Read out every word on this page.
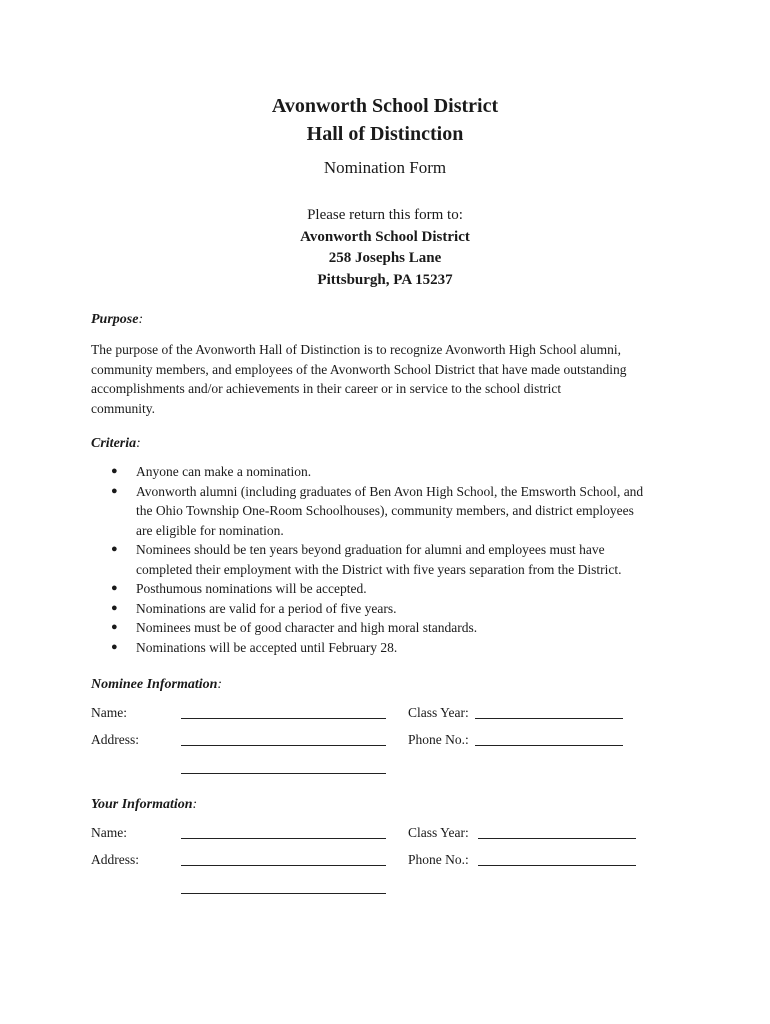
Avonworth School District
Hall of Distinction
Nomination Form
Please return this form to:
Avonworth School District
258 Josephs Lane
Pittsburgh, PA 15237
Purpose:
The purpose of the Avonworth Hall of Distinction is to recognize Avonworth High School alumni,
community members, and employees of the Avonworth School District that have made outstanding
accomplishments and/or achievements in their career or in service to the school district
community.
Criteria:
● Anyone can make a nomination.
● Avonworth alumni (including graduates of Ben Avon High School, the Emsworth School, and
the Ohio Township One-Room Schoolhouses), community members, and district employees
are eligible for nomination.
● Nominees should be ten years beyond graduation for alumni and employees must have
completed their employment with the District with five years separation from the District.
● Posthumous nominations will be accepted.
● Nominations are valid for a period of five years.
● Nominees must be of good character and high moral standards.
● Nominations will be accepted until February 28.
Nominee Information:
Name:	Class Year:
Address:	Phone No.:
Your Information:
Name:	Class Year:
Address:	Phone No.:
